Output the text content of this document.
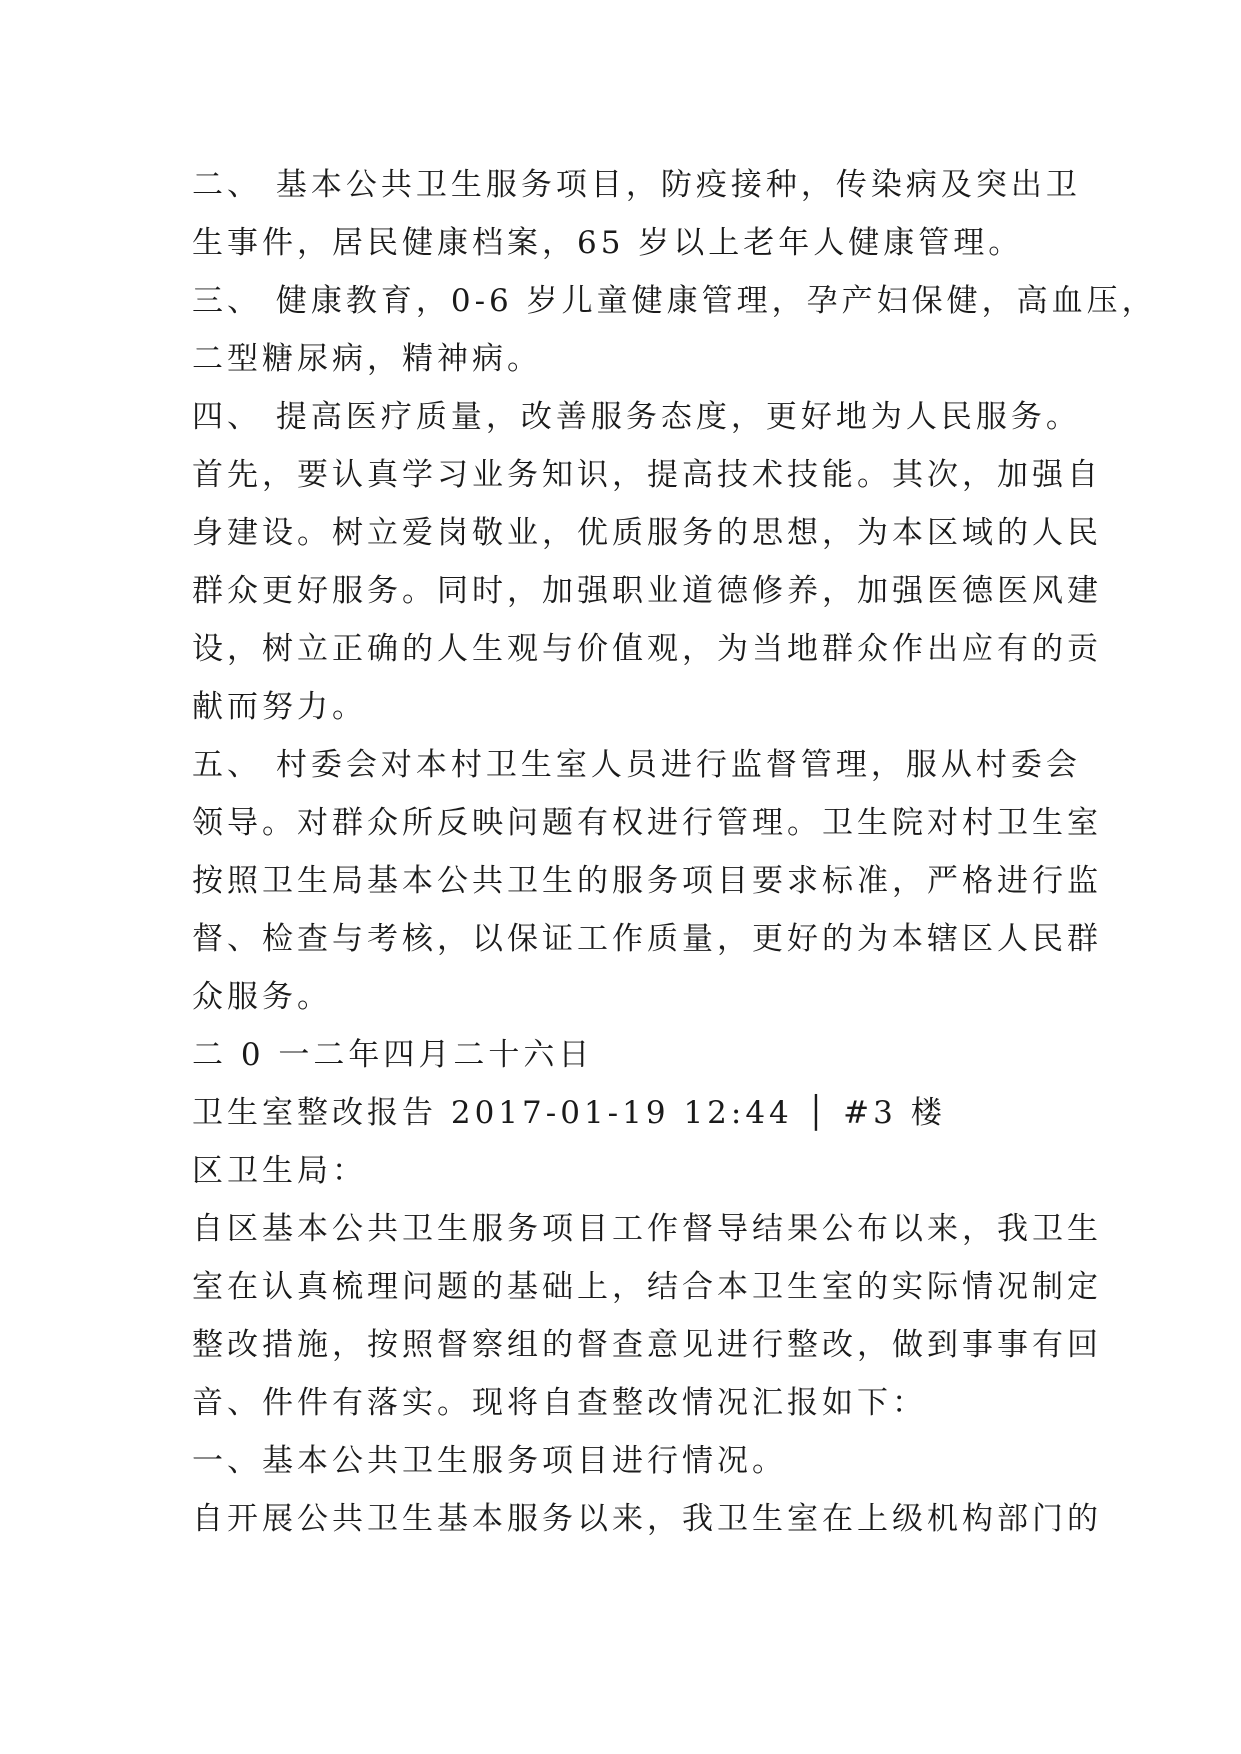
二、 基本公共卫生服务项目，防疫接种，传染病及突出卫
生事件，居民健康档案，65 岁以上老年人健康管理。
三、 健康教育，0-6 岁儿童健康管理，孕产妇保健，高血压，
二型糖尿病，精神病。
四、 提高医疗质量，改善服务态度，更好地为人民服务。
首先，要认真学习业务知识，提高技术技能。其次，加强自
身建设。树立爱岗敬业，优质服务的思想，为本区域的人民
群众更好服务。同时，加强职业道德修养，加强医德医风建
设，树立正确的人生观与价值观，为当地群众作出应有的贡
献而努力。
五、 村委会对本村卫生室人员进行监督管理，服从村委会
领导。对群众所反映问题有权进行管理。卫生院对村卫生室
按照卫生局基本公共卫生的服务项目要求标准，严格进行监
督、检查与考核，以保证工作质量，更好的为本辖区人民群
众服务。
二 0 一二年四月二十六日
卫生室整改报告 2017-01-19 12:44 │ #3 楼
区卫生局：
自区基本公共卫生服务项目工作督导结果公布以来，我卫生
室在认真梳理问题的基础上，结合本卫生室的实际情况制定
整改措施，按照督察组的督查意见进行整改，做到事事有回
音、件件有落实。现将自查整改情况汇报如下：
一、基本公共卫生服务项目进行情况。
自开展公共卫生基本服务以来，我卫生室在上级机构部门的
